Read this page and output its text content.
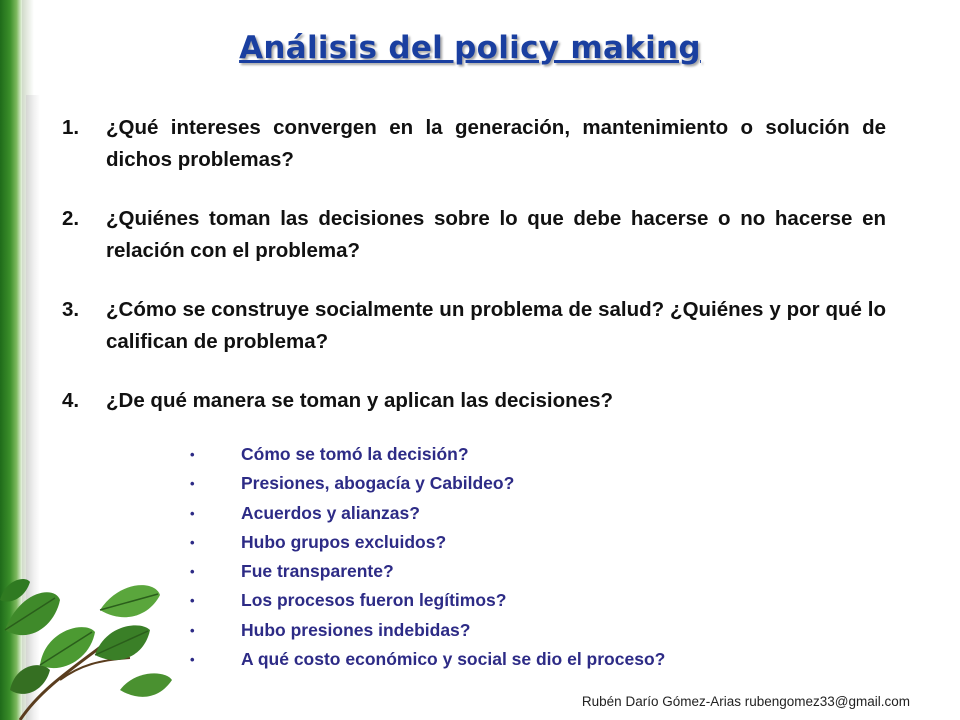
Análisis del policy making
1.	¿Qué intereses convergen en la generación, mantenimiento o solución de dichos problemas?
2.	¿Quiénes toman las decisiones sobre lo que debe hacerse o no hacerse en relación con el problema?
3.	¿Cómo se construye socialmente un problema de salud? ¿Quiénes y por qué lo califican de problema?
4.	¿De qué manera se toman y aplican las decisiones?
•	Cómo se tomó la decisión?
•	Presiones, abogacía y Cabildeo?
•	Acuerdos y alianzas?
•	Hubo grupos excluidos?
•	Fue transparente?
•	Los procesos fueron legítimos?
•	Hubo presiones indebidas?
•	A qué costo económico y social se dio el proceso?
Rubén Darío Gómez-Arias rubengomez33@gmail.com
